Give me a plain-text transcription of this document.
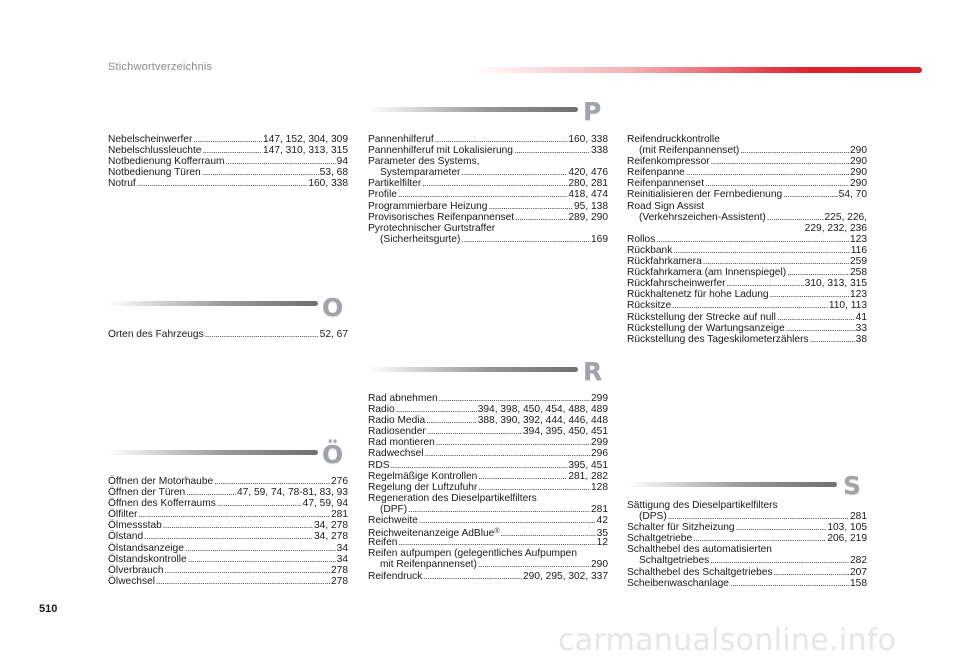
Stichwortverzeichnis
Nebelscheinwerfer .....	147, 152, 304, 309
Nebelschlussleuchte .....	147, 310, 313, 315
Notbedienung Kofferraum .....	94
Notbedienung Türen .....	53, 68
Notruf .....	160, 338
O
Orten des Fahrzeugs .....	52, 67
Ö
Öffnen der Motorhaube .....	276
Öffnen der Türen .....	47, 59, 74, 78-81, 83, 93
Öffnen des Kofferraums .....	47, 59, 94
Ölfilter .....	281
Ölmessstab .....	34, 278
Ölstand .....	34, 278
Ölstandsanzeige .....	34
Ölstandskontrolle .....	34
Ölverbrauch .....	278
Ölwechsel .....	278
P
Pannenhilferuf .....	160, 338
Pannenhilferuf mit Lokalisierung .....	338
Parameter des Systems,
Systemparameter .....	420, 476
Partikelfilter .....	280, 281
Profile .....	418, 474
Programmierbare Heizung .....	95, 138
Provisorisches Reifenpannenset .....	289, 290
Pyrotechnischer Gurtstraffer
(Sicherheitsgurte) .....	169
R
Rad abnehmen .....	299
Radio .....	394, 398, 450, 454, 488, 489
Radio Media .....	388, 390, 392, 444, 446, 448
Radiosender .....	394, 395, 450, 451
Rad montieren .....	299
Radwechsel .....	296
RDS .....	395, 451
Regelmäßige Kontrollen .....	281, 282
Regelung der Luftzufuhr .....	128
Regeneration des Dieselpartikelfilters
(DPF) .....	281
Reichweite .....	42
Reichweitenanzeige AdBlue® .....	35
Reifen .....	12
Reifen aufpumpen (gelegentliches Aufpumpen
mit Reifenpannenset) .....	290
Reifendruck .....	290, 295, 302, 337
Reifendruckkontrolle
(mit Reifenpannenset) .....	290
Reifenkompressor .....	290
Reifenpanne .....	290
Reifenpannenset .....	290
Reinitialisieren der Fernbedienung .....	54, 70
Road Sign Assist
(Verkehrszeichen-Assistent) .....	225, 226,
229, 232, 236
Rollos .....	123
Rückbank .....	116
Rückfahrkamera .....	259
Rückfahrkamera (am Innenspiegel) .....	258
Rückfahrscheinwerfer .....	310, 313, 315
Rückhaltenetz für hohe Ladung .....	123
Rücksitze .....	110, 113
Rückstellung der Strecke auf null .....	41
Rückstellung der Wartungsanzeige .....	33
Rückstellung des Tageskilometerzählers .....	38
S
Sättigung des Dieselpartikelfilters
(DPS) .....	281
Schalter für Sitzheizung .....	103, 105
Schaltgetriebe .....	206, 219
Schalthebel des automatisierten
Schaltgetriebes .....	282
Schalthebel des Schaltgetriebes .....	207
Scheibenwaschanlage .....	158
510
carmanualsonline.info
